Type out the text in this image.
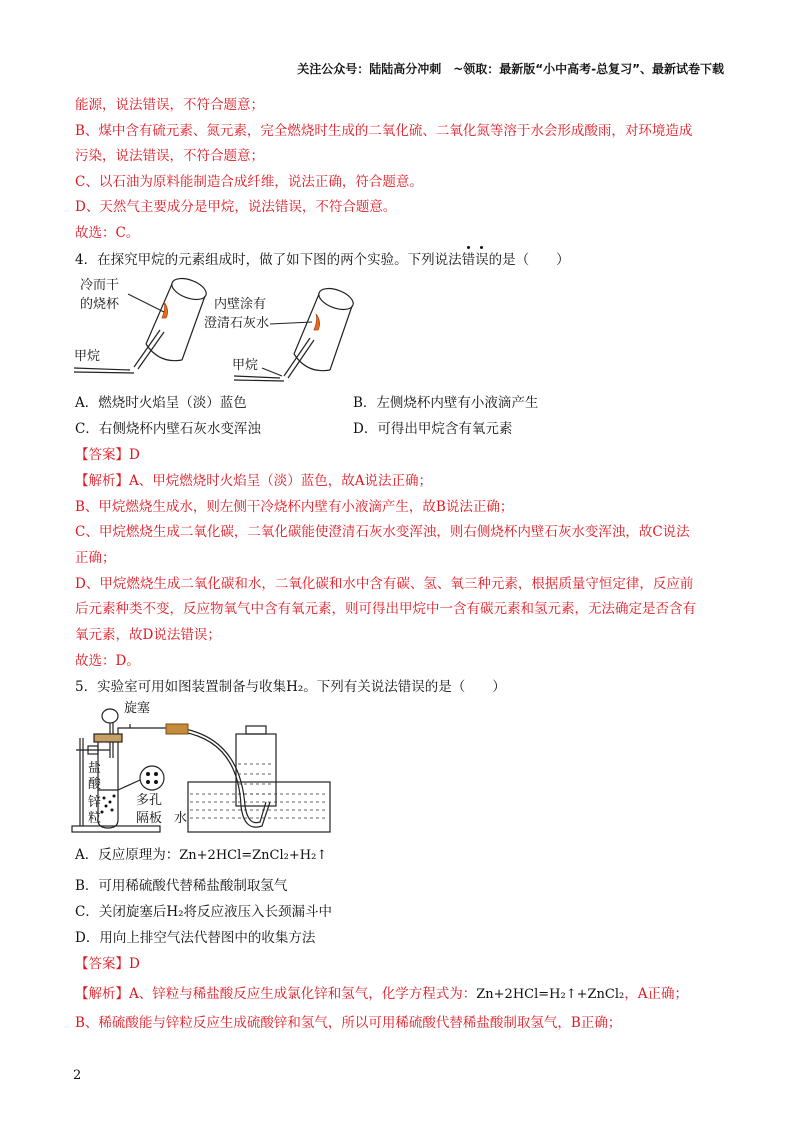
关注公众号：陆陆高分冲刺　~领取：最新版“小中高考-总复习”、最新试卷下载
能源，说法错误，不符合题意；
B、煤中含有硫元素、氮元素，完全燃烧时生成的二氧化硫、二氧化氮等溶于水会形成酸雨，对环境造成
污染，说法错误，不符合题意；
C、以石油为原料能制造合成纤维，说法正确，符合题意。
D、天然气主要成分是甲烷，说法错误，不符合题意。
故选：C。
4．在探究甲烷的元素组成时，做了如下图的两个实验。下列说法
错
误的是（　　）
冷而干
的烧杯	内壁涂有
澄清石灰水
甲烷
甲烷
A．燃烧时火焰呈（淡）蓝色	B．左侧烧杯内壁有小液滴产生
C．右侧烧杯内壁石灰水变浑浊	D．可得出甲烷含有氧元素
【答案】D
【解析】A、甲烷燃烧时火焰呈（淡）蓝色，故A说法正确；
B、甲烷燃烧生成水，则左侧干冷烧杯内壁有小液滴产生，故B说法正确；
C、甲烷燃烧生成二氧化碳，二氧化碳能使澄清石灰水变浑浊，则右侧烧杯内壁石灰水变浑浊，故C说法
正确；
D、甲烷燃烧生成二氧化碳和水，二氧化碳和水中含有碳、氢、氧三种元素，根据质量守恒定律，反应前
后元素种类不变，反应物氧气中含有氧元素，则可得出甲烷中一含有碳元素和氢元素，无法确定是否含有
氧元素，故D说法错误；
故选：D。
5．实验室可用如图装置制备与收集H₂。下列有关说法错误的是（　　）
旋塞
盐
酸
锌
粒
多孔
隔板 水
A．反应原理为：Zn+2HCl=ZnCl₂+H₂↑
B．可用稀硫酸代替稀盐酸制取氢气
C．关闭旋塞后H₂将反应液压入长颈漏斗中
D．用向上排空气法代替图中的收集方法
【答案】D
【解析】A、锌粒与稀盐酸反应生成氯化锌和氢气，化学方程式为：Zn+2HCl=H₂↑+ZnCl₂，A正确；
B、稀硫酸能与锌粒反应生成硫酸锌和氢气，所以可用稀硫酸代替稀盐酸制取氢气，B正确；
2
